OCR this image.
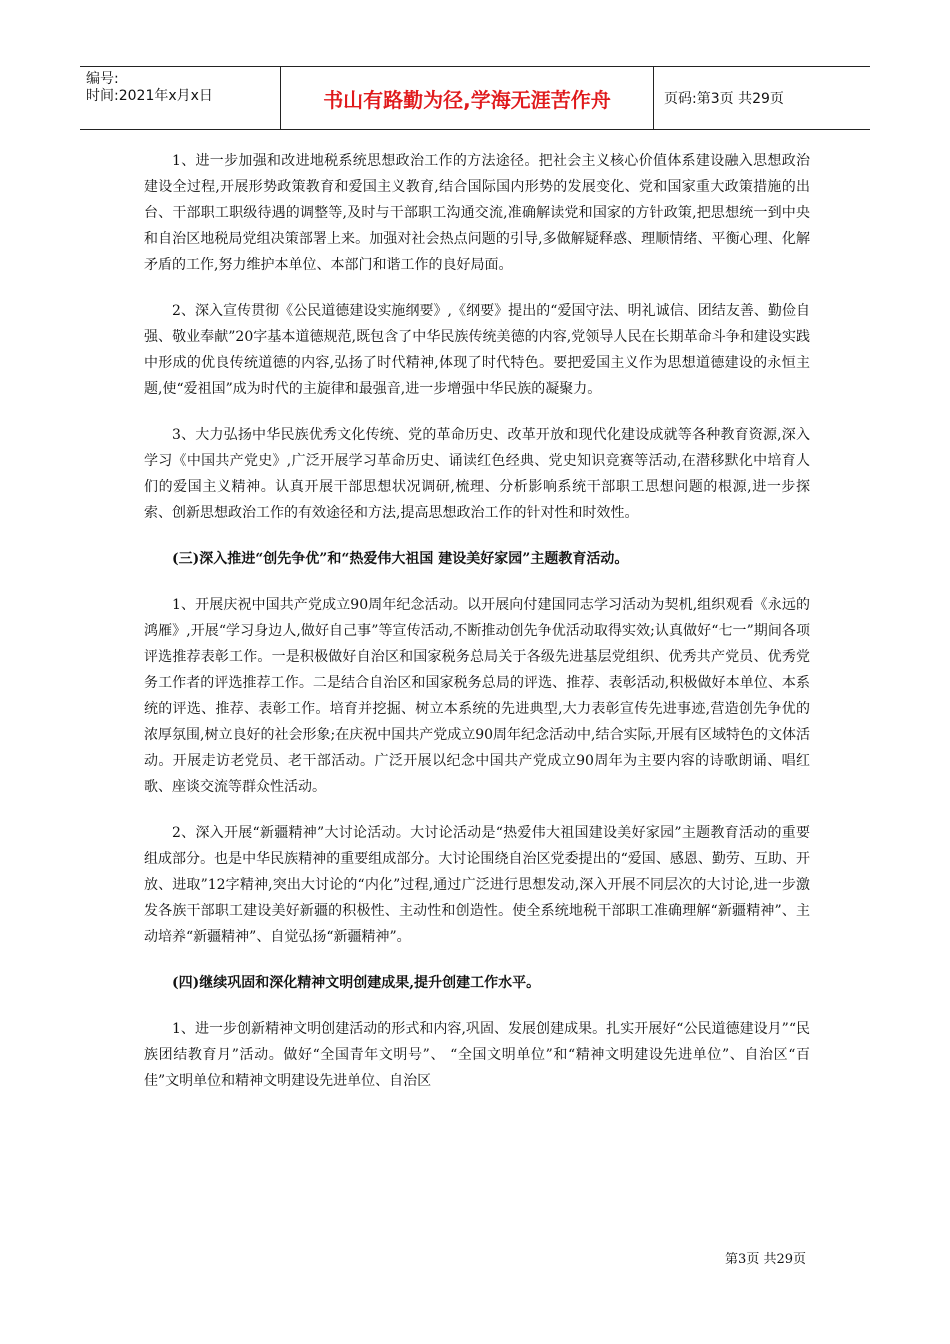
编号:
时间:2021年x月x日	书山有路勤为径,学海无涯苦作舟	页码:第3页 共29页

1、进一步加强和改进地税系统思想政治工作的方法途径。把社会主义核心价值体系建设融入思想政治建设全过程,开展形势政策教育和爱国主义教育,结合国际国内形势的发展变化、党和国家重大政策措施的出台、干部职工职级待遇的调整等,及时与干部职工沟通交流,准确解读党和国家的方针政策,把思想统一到中央和自治区地税局党组决策部署上来。加强对社会热点问题的引导,多做解疑释惑、理顺情绪、平衡心理、化解矛盾的工作,努力维护本单位、本部门和谐工作的良好局面。

2、深入宣传贯彻《公民道德建设实施纲要》,《纲要》提出的“爱国守法、明礼诚信、团结友善、勤俭自强、敬业奉献”20字基本道德规范,既包含了中华民族传统美德的内容,党领导人民在长期革命斗争和建设实践中形成的优良传统道德的内容,弘扬了时代精神,体现了时代特色。要把爱国主义作为思想道德建设的永恒主题,使“爱祖国”成为时代的主旋律和最强音,进一步增强中华民族的凝聚力。

3、大力弘扬中华民族优秀文化传统、党的革命历史、改革开放和现代化建设成就等各种教育资源,深入学习《中国共产党史》,广泛开展学习革命历史、诵读红色经典、党史知识竞赛等活动,在潜移默化中培育人们的爱国主义精神。认真开展干部思想状况调研,梳理、分析影响系统干部职工思想问题的根源,进一步探索、创新思想政治工作的有效途径和方法,提高思想政治工作的针对性和时效性。

(三)深入推进“创先争优”和“热爱伟大祖国 建设美好家园”主题教育活动。

1、开展庆祝中国共产党成立90周年纪念活动。以开展向付建国同志学习活动为契机,组织观看《永远的鸿雁》,开展“学习身边人,做好自己事”等宣传活动,不断推动创先争优活动取得实效;认真做好“七一”期间各项评选推荐表彰工作。一是积极做好自治区和国家税务总局关于各级先进基层党组织、优秀共产党员、优秀党务工作者的评选推荐工作。二是结合自治区和国家税务总局的评选、推荐、表彰活动,积极做好本单位、本系统的评选、推荐、表彰工作。培育并挖掘、树立本系统的先进典型,大力表彰宣传先进事迹,营造创先争优的浓厚氛围,树立良好的社会形象;在庆祝中国共产党成立90周年纪念活动中,结合实际,开展有区域特色的文体活动。开展走访老党员、老干部活动。广泛开展以纪念中国共产党成立90周年为主要内容的诗歌朗诵、唱红歌、座谈交流等群众性活动。

2、深入开展“新疆精神”大讨论活动。大讨论活动是“热爱伟大祖国建设美好家园”主题教育活动的重要组成部分。也是中华民族精神的重要组成部分。大讨论围绕自治区党委提出的“爱国、感恩、勤劳、互助、开放、进取”12字精神,突出大讨论的“内化”过程,通过广泛进行思想发动,深入开展不同层次的大讨论,进一步激发各族干部职工建设美好新疆的积极性、主动性和创造性。使全系统地税干部职工准确理解“新疆精神”、主动培养“新疆精神”、自觉弘扬“新疆精神”。

(四)继续巩固和深化精神文明创建成果,提升创建工作水平。

1、进一步创新精神文明创建活动的形式和内容,巩固、发展创建成果。扎实开展好“公民道德建设月”“民族团结教育月”活动。做好“全国青年文明号”、 “全国文明单位”和“精神文明建设先进单位”、自治区“百佳”文明单位和精神文明建设先进单位、自治区

第3页 共29页
